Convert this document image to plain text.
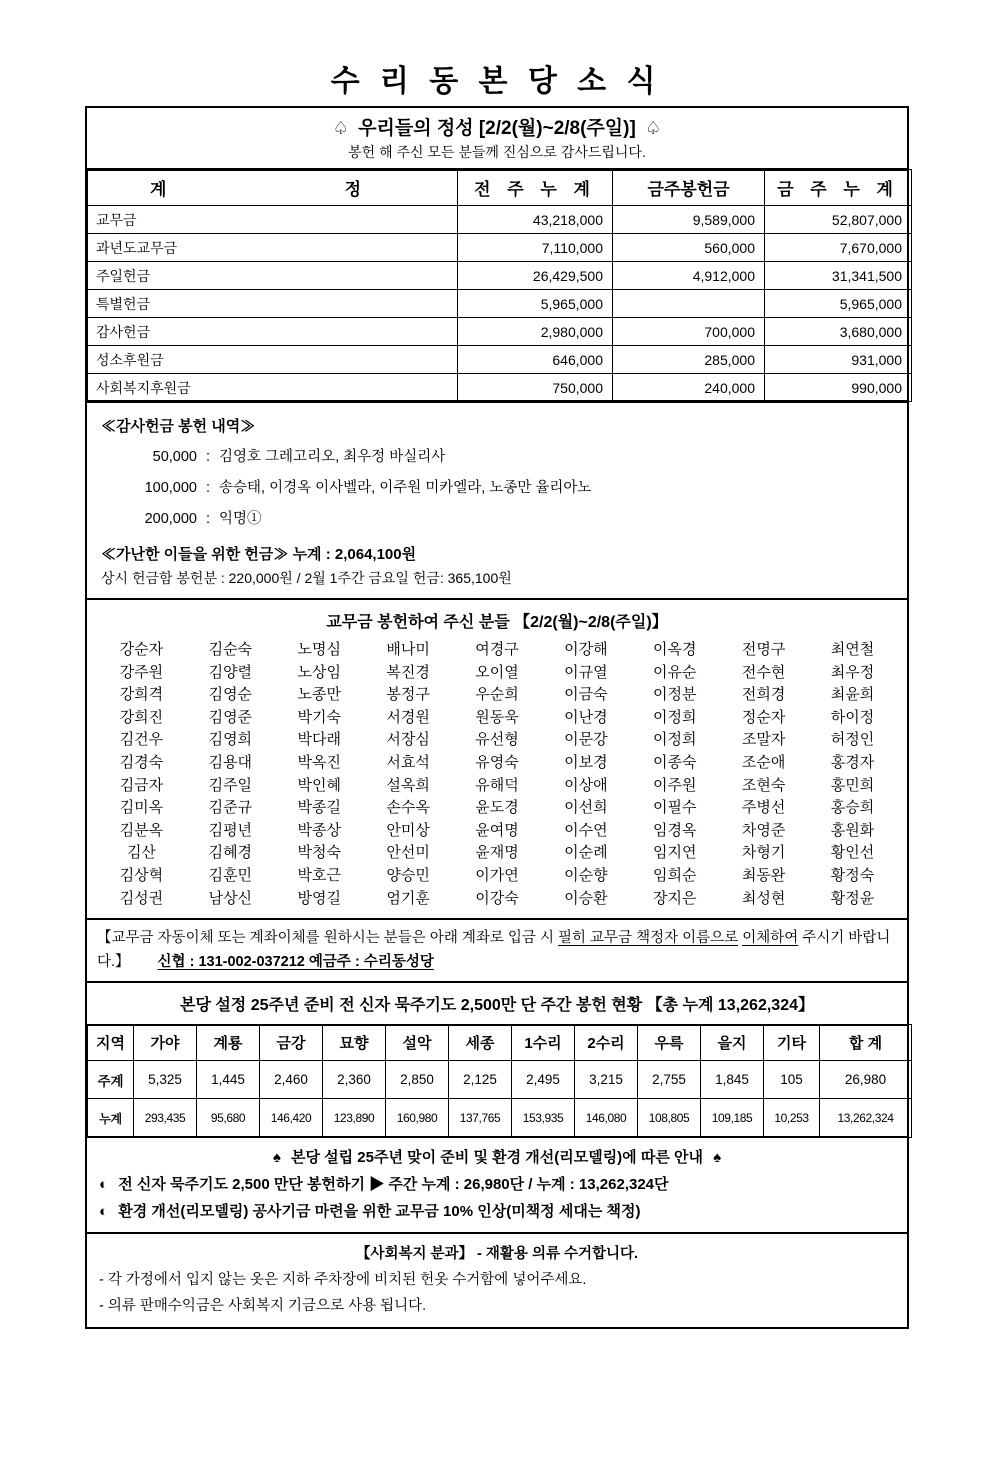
수 리 동 본 당 소 식
♤ 우리들의 정성 [2/2(월)~2/8(주일)] ♤
봉헌 해 주신 모든 분들께 진심으로 감사드립니다.
계 정	전 주 누 계	금주봉헌금	금 주 누 계
교무금	43,218,000	9,589,000	52,807,000
과년도교무금	7,110,000	560,000	7,670,000
주일헌금	26,429,500	4,912,000	31,341,500
특별헌금	5,965,000		5,965,000
감사헌금	2,980,000	700,000	3,680,000
성소후원금	646,000	285,000	931,000
사회복지후원금	750,000	240,000	990,000
≪감사헌금 봉헌 내역≫
50,000 : 김영호 그레고리오, 최우정 바실리사
100,000 : 송승태, 이경옥 이사벨라, 이주원 미카엘라, 노종만 율리아노
200,000 : 익명①
≪가난한 이들을 위한 헌금≫ 누계 : 2,064,100원
상시 헌금함 봉헌분 : 220,000원 / 2월 1주간 금요일 헌금: 365,100원
교무금 봉헌하여 주신 분들 【2/2(월)~2/8(주일)】
강순자	김순숙	노명심	배나미	여경구	이강해	이옥경	전명구	최연철
강주원	김양렬	노상임	복진경	오이열	이규열	이유순	전수현	최우정
강희격	김영순	노종만	봉정구	우순희	이금숙	이정분	전희경	최윤희
강희진	김영준	박기숙	서경원	원동욱	이난경	이정희	정순자	하이정
김건우	김영희	박다래	서장심	유선형	이문강	이정희	조말자	허정인
김경숙	김용대	박옥진	서효석	유영숙	이보경	이종숙	조순애	홍경자
김금자	김주일	박인혜	설옥희	유해덕	이상애	이주원	조현숙	홍민희
김미옥	김준규	박종길	손수옥	윤도경	이선희	이필수	주병선	홍승희
김분옥	김평년	박종상	안미상	윤여명	이수연	임경옥	차영준	홍원화
김산	김혜경	박청숙	안선미	윤재명	이순례	임지연	차형기	황인선
김상혁	김훈민	박호근	양승민	이가연	이순향	임희순	최동완	황정숙
김성권	남상신	방영길	엄기훈	이강숙	이승환	장지은	최성현	황정윤
【교무금 자동이체 또는 계좌이체를 원하시는 분들은 아래 계좌로 입금 시 필히 교무금 책정자 이름으로 이체하여 주시기 바랍니다.】 신협 : 131-002-037212 예금주 : 수리동성당
본당 설정 25주년 준비 전 신자 묵주기도 2,500만 단 주간 봉헌 현황 【총 누계 13,262,324】
지역	가야	계룡	금강	묘향	설악	세종	1수리	2수리	우륵	을지	기타	합 계
주계	5,325	1,445	2,460	2,360	2,850	2,125	2,495	3,215	2,755	1,845	105	26,980
누계	293,435	95,680	146,420	123,890	160,980	137,765	153,935	146,080	108,805	109,185	10,253	13,262,324
♠ 본당 설립 25주년 맞이 준비 및 환경 개선(리모델링)에 따른 안내 ♠
◐ 전 신자 묵주기도 2,500 만단 봉헌하기 ▶ 주간 누계 : 26,980단 / 누계 : 13,262,324단
◐ 환경 개선(리모델링) 공사기금 마련을 위한 교무금 10% 인상(미책정 세대는 책정)
【사회복지 분과】 - 재활용 의류 수거합니다.
- 각 가정에서 입지 않는 옷은 지하 주차장에 비치된 헌옷 수거함에 넣어주세요.
- 의류 판매수익금은 사회복지 기금으로 사용 됩니다.
